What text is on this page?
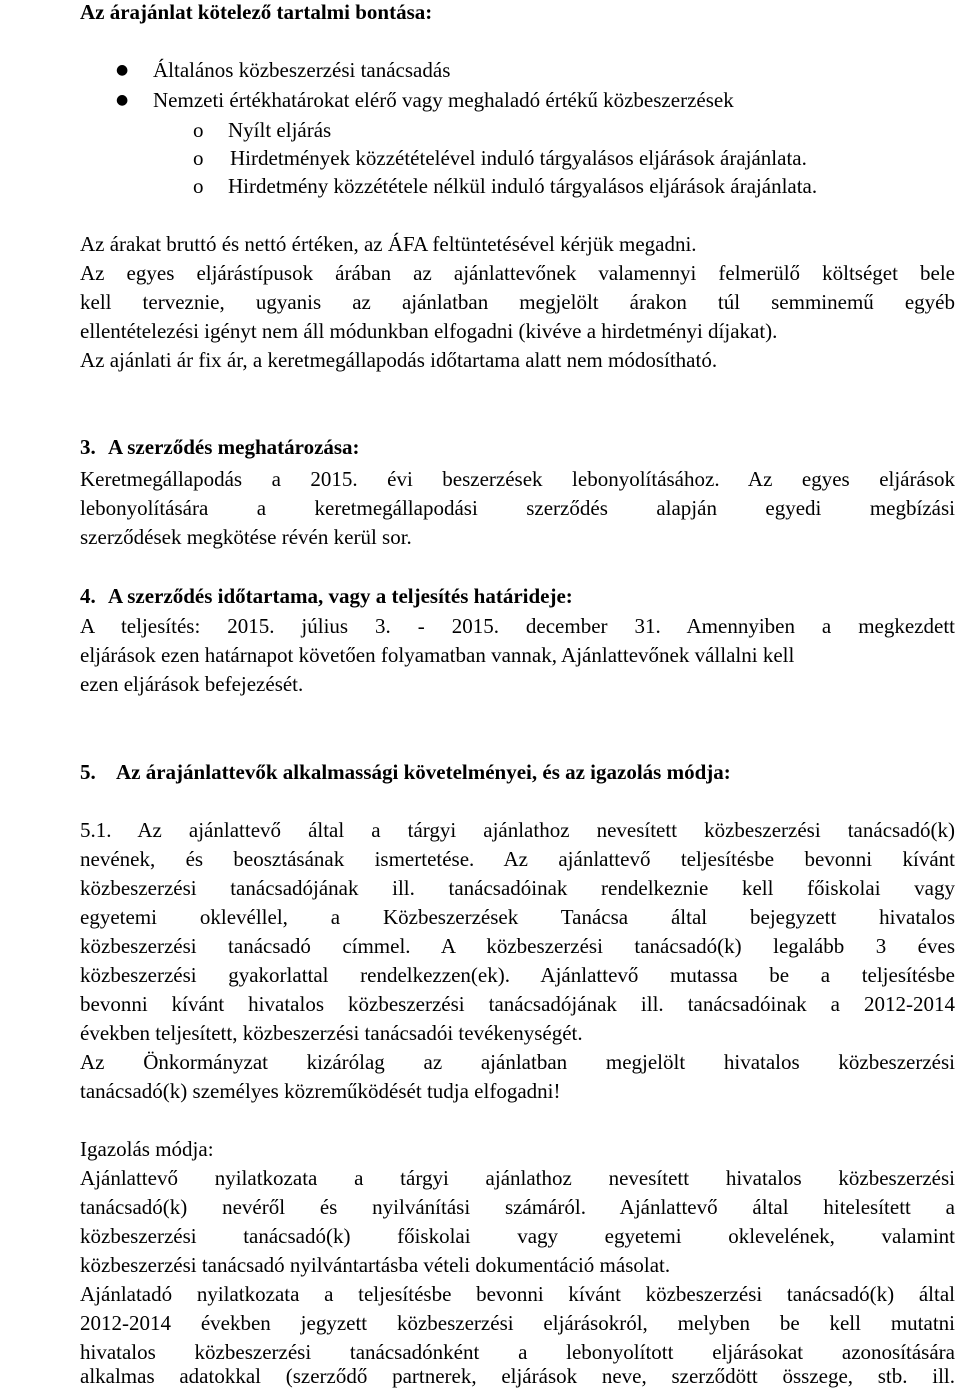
Az árajánlat kötelező tartalmi bontása:
● Általános közbeszerzési tanácsadás
● Nemzeti értékhatárokat elérő vagy meghaladó értékű közbeszerzések
o Nyílt eljárás
o Hirdetmények közzétételével induló tárgyalásos eljárások árajánlata.
o Hirdetmény közzététele nélkül induló tárgyalásos eljárások árajánlata.
Az árakat bruttó és nettó értéken, az ÁFA feltüntetésével kérjük megadni.
Az egyes eljárástípusok árában az ajánlattevőnek valamennyi felmerülő költséget bele
kell terveznie, ugyanis az ajánlatban megjelölt árakon túl semminemű egyéb
ellentételezési igényt nem áll módunkban elfogadni (kivéve a hirdetményi díjakat).
Az ajánlati ár fix ár, a keretmegállapodás időtartama alatt nem módosítható.
3. A szerződés meghatározása:
Keretmegállapodás a 2015. évi beszerzések lebonyolításához. Az egyes eljárások
lebonyolítására a keretmegállapodási szerződés alapján egyedi megbízási
szerződések megkötése révén kerül sor.
4. A szerződés időtartama, vagy a teljesítés határideje:
A teljesítés: 2015. július 3. - 2015. december 31. Amennyiben a megkezdett
eljárások ezen határnapot követően folyamatban vannak, Ajánlattevőnek vállalni kell
ezen eljárások befejezését.
5. Az árajánlattevők alkalmassági követelményei, és az igazolás módja:
5.1. Az ajánlattevő által a tárgyi ajánlathoz nevesített közbeszerzési tanácsadó(k)
nevének, és beosztásának ismertetése. Az ajánlattevő teljesítésbe bevonni kívánt
közbeszerzési tanácsadójának ill. tanácsadóinak rendelkeznie kell főiskolai vagy
egyetemi oklevéllel, a Közbeszerzések Tanácsa által bejegyzett hivatalos
közbeszerzési tanácsadó címmel. A közbeszerzési tanácsadó(k) legalább 3 éves
közbeszerzési gyakorlattal rendelkezzen(ek). Ajánlattevő mutassa be a teljesítésbe
bevonni kívánt hivatalos közbeszerzési tanácsadójának ill. tanácsadóinak a 2012-2014
években teljesített, közbeszerzési tanácsadói tevékenységét.
Az Önkormányzat kizárólag az ajánlatban megjelölt hivatalos közbeszerzési
tanácsadó(k) személyes közreműködését tudja elfogadni!
Igazolás módja:
Ajánlattevő nyilatkozata a tárgyi ajánlathoz nevesített hivatalos közbeszerzési
tanácsadó(k) nevéről és nyilvánítási számáról. Ajánlattevő által hitelesített a
közbeszerzési tanácsadó(k) főiskolai vagy egyetemi oklevelének, valamint
közbeszerzési tanácsadó nyilvántartásba vételi dokumentáció másolat.
Ajánlatadó nyilatkozata a teljesítésbe bevonni kívánt közbeszerzési tanácsadó(k) által
2012-2014 években jegyzett közbeszerzési eljárásokról, melyben be kell mutatni
hivatalos közbeszerzési tanácsadónként a lebonyolított eljárásokat azonosítására
alkalmas adatokkal (szerződő partnerek, eljárások neve, szerződött összege, stb. ill.
